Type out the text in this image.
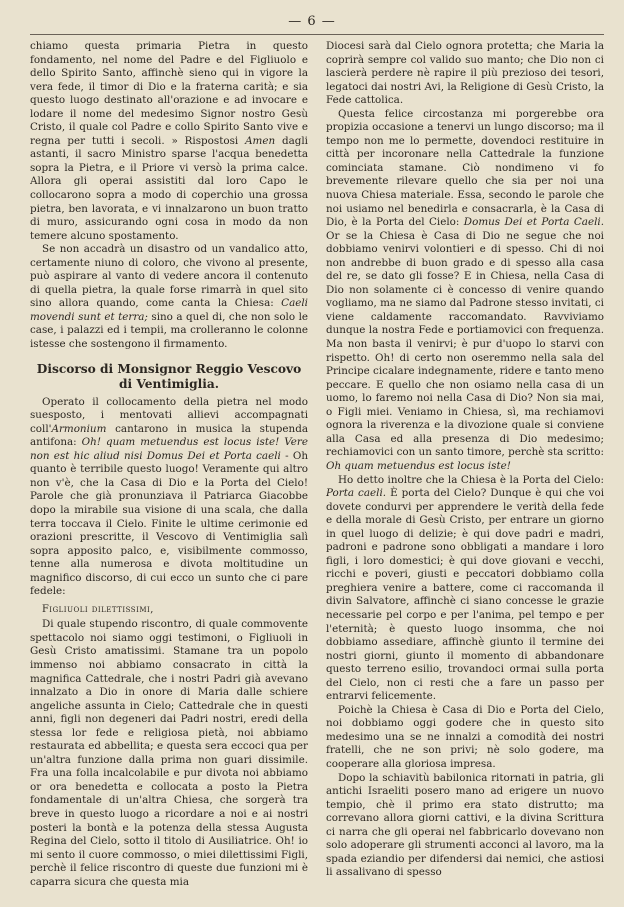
— 6 —

chiamo questa primaria Pietra in questo fondamento, nel nome del Padre e del Figliuolo e dello Spirito Santo, affinchè sieno qui in vigore la vera fede, il timor di Dio e la fraterna carità; e sia questo luogo destinato all'orazione e ad invocare e lodare il nome del medesimo Signor nostro Gesù Cristo, il quale col Padre e collo Spirito Santo vive e regna per tutti i secoli. » Rispostosi Amen dagli astanti, il sacro Ministro sparse l'acqua benedetta sopra la Pietra, e il Priore vi versò la prima calce. Allora gli operai assistiti dal loro Capo le collocarono sopra a modo di coperchio una grossa pietra, ben lavorata, e vi innalzarono un buon tratto di muro, assicurando ogni cosa in modo da non temere alcuno spostamento.

Se non accadrà un disastro od un vandalico atto, certamente niuno di coloro, che vivono al presente, può aspirare al vanto di vedere ancora il contenuto di quella pietra, la quale forse rimarrà in quel sito sino allora quando, come canta la Chiesa: Caeli movendi sunt et terra; sino a quel di, che non solo le case, i palazzi ed i tempii, ma crolleranno le colonne istesse che sostengono il firmamento.

Discorso di Monsignor Reggio Vescovo di Ventimiglia.

Operato il collocamento della pietra nel modo suesposto, i mentovati allievi accompagnati coll'Armonium cantarono in musica la stupenda antifona: Oh! quam metuendus est locus iste! Vere non est hic aliud nisi Domus Dei et Porta caeli - Oh quanto è terribile questo luogo! Veramente qui altro non v'è, che la Casa di Dio e la Porta del Cielo! Parole che già pronunziava il Patriarca Giacobbe dopo la mirabile sua visione di una scala, che dalla terra toccava il Cielo. Finite le ultime cerimonie ed orazioni prescritte, il Vescovo di Ventimiglia salì sopra apposito palco, e, visibilmente commosso, tenne alla numerosa e divota moltitudine un magnifico discorso, di cui ecco un sunto che ci pare fedele:

Figliuoli dilettissimi,

Di quale stupendo riscontro, di quale commovente spettacolo noi siamo oggi testimoni, o Figliuoli in Gesù Cristo amatissimi. Stamane tra un popolo immenso noi abbiamo consacrato in città la magnifica Cattedrale, che i nostri Padri già avevano innalzato a Dio in onore di Maria dalle schiere angeliche assunta in Cielo; Cattedrale che in questi anni, figli non degeneri dai Padri nostri, eredi della stessa lor fede e religiosa pietà, noi abbiamo restaurata ed abbellita; e questa sera eccoci qua per un'altra funzione dalla prima non guari dissimile. Fra una folla incalcolabile e pur divota noi abbiamo or ora benedetta e collocata a posto la Pietra fondamentale di un'altra Chiesa, che sorgerà tra breve in questo luogo a ricordare a noi e ai nostri posteri la bontà e la potenza della stessa Augusta Regina del Cielo, sotto il titolo di Ausiliatrice. Oh! io mi sento il cuore commosso, o miei dilettissimi Figli, perchè il felice riscontro di queste due funzioni mi è caparra sicura che questa mia

Diocesi sarà dal Cielo ognora protetta; che Maria la coprirà sempre col valido suo manto; che Dio non ci lascierà perdere nè rapire il più prezioso dei tesori, legatoci dai nostri Avi, la Religione di Gesù Cristo, la Fede cattolica.

Questa felice circostanza mi porgerebbe ora propizia occasione a tenervi un lungo discorso; ma il tempo non me lo permette, dovendoci restituire in città per incoronare nella Cattedrale la funzione cominciata stamane. Ciò nondimeno vi fo brevemente rilevare quello che sia per noi una nuova Chiesa materiale. Essa, secondo le parole che noi usiamo nel benedirla e consacrarla, è la Casa di Dio, è la Porta del Cielo: Domus Dei et Porta Caeli. Or se la Chiesa è Casa di Dio ne segue che noi dobbiamo venirvi volontieri e di spesso. Chi di noi non andrebbe di buon grado e di spesso alla casa del re, se dato gli fosse? E in Chiesa, nella Casa di Dio non solamente ci è concesso di venire quando vogliamo, ma ne siamo dal Padrone stesso invitati, ci viene caldamente raccomandato. Ravviviamo dunque la nostra Fede e portiamovici con frequenza. Ma non basta il venirvi; è pur d'uopo lo starvi con rispetto. Oh! di certo non oseremmo nella sala del Principe cicalare indegnamente, ridere e tanto meno peccare. E quello che non osiamo nella casa di un uomo, lo faremo noi nella Casa di Dio? Non sia mai, o Figli miei. Veniamo in Chiesa, sì, ma rechiamovi ognora la riverenza e la divozione quale si conviene alla Casa ed alla presenza di Dio medesimo; rechiamovici con un santo timore, perchè sta scritto: Oh quam metuendus est locus iste!

Ho detto inoltre che la Chiesa è la Porta del Cielo: Porta caeli. È porta del Cielo? Dunque è qui che voi dovete condurvi per apprendere le verità della fede e della morale di Gesù Cristo, per entrare un giorno in quel luogo di delizie; è qui dove padri e madri, padroni e padrone sono obbligati a mandare i loro figli, i loro domestici; è qui dove giovani e vecchi, ricchi e poveri, giusti e peccatori dobbiamo colla preghiera venire a battere, come ci raccomanda il divin Salvatore, affinchè ci siano concesse le grazie necessarie pel corpo e per l'anima, pel tempo e per l'eternità; è questo luogo insomma, che noi dobbiamo assediare, affinchè giunto il termine dei nostri giorni, giunto il momento di abbandonare questo terreno esilio, trovandoci ormai sulla porta del Cielo, non ci resti che a fare un passo per entrarvi felicemente.

Poichè la Chiesa è Casa di Dio e Porta del Cielo, noi dobbiamo oggi godere che in questo sito medesimo una se ne innalzi a comodità dei nostri fratelli, che ne son privi; nè solo godere, ma cooperare alla gloriosa impresa.

Dopo la schiavitù babilonica ritornati in patria, gli antichi Israeliti posero mano ad erigere un nuovo tempio, chè il primo era stato distrutto; ma correvano allora giorni cattivi, e la divina Scrittura ci narra che gli operai nel fabbricarlo dovevano non solo adoperare gli strumenti acconci al lavoro, ma la spada eziandio per difendersi dai nemici, che astiosi li assalivano di spesso
